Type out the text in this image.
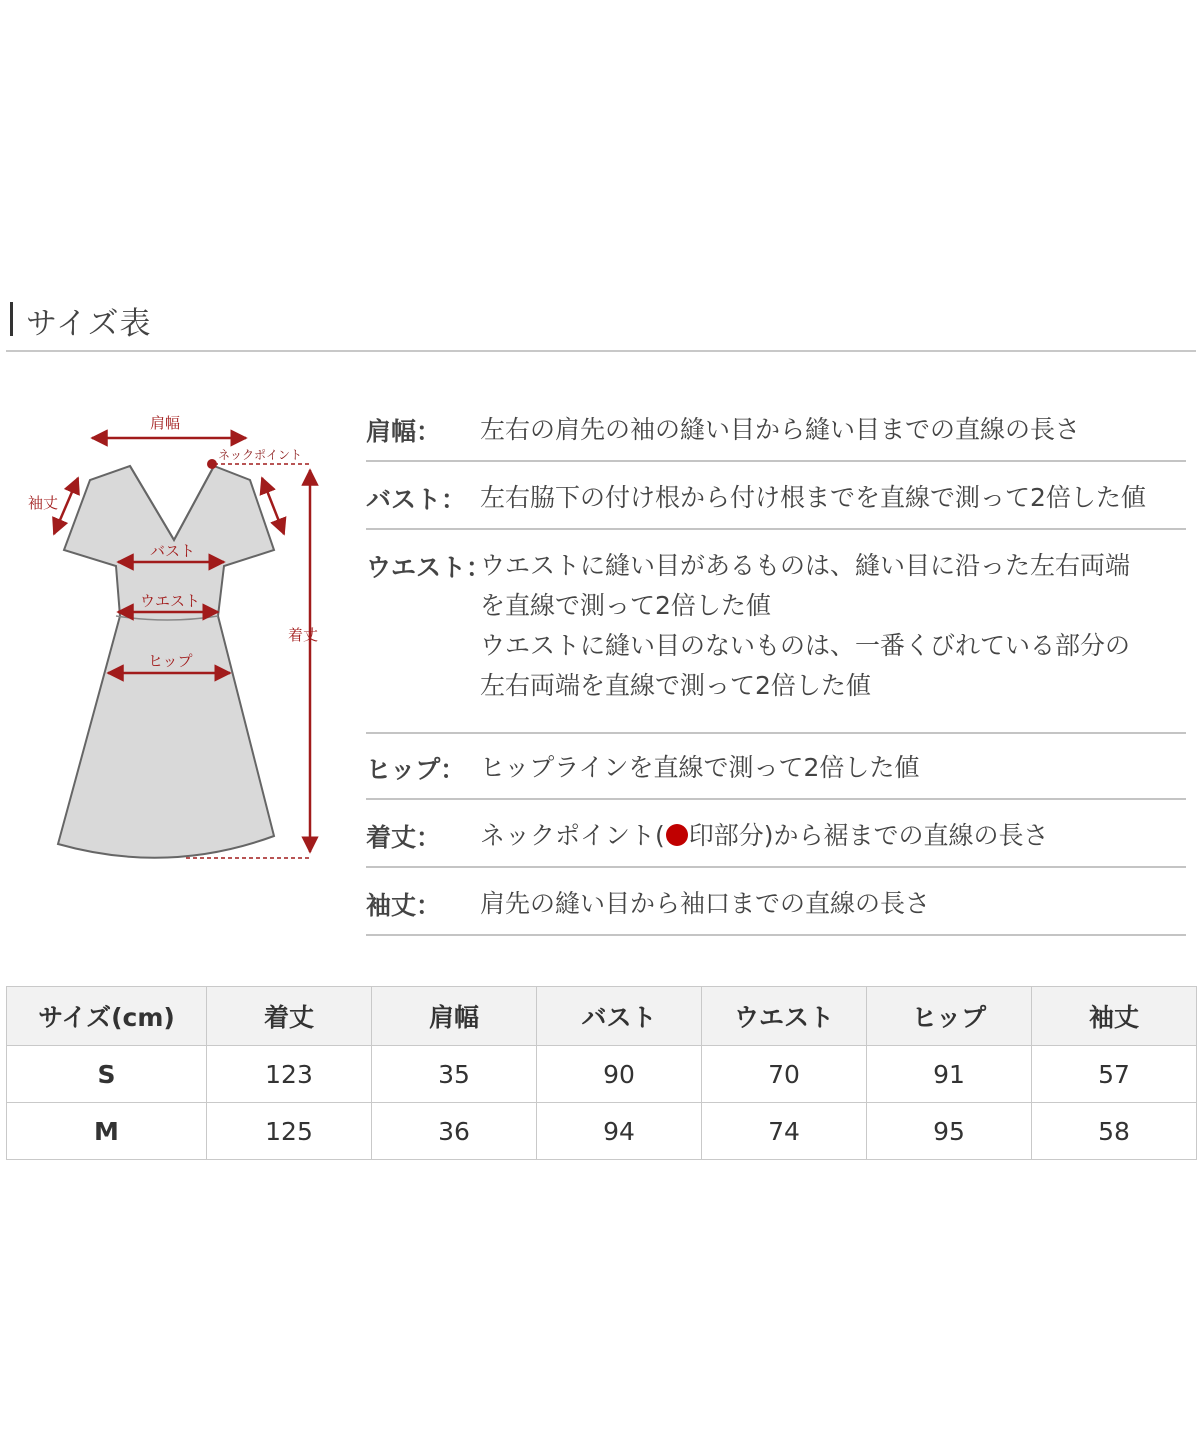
サイズ表
肩幅
ネックポイント
袖丈
バスト
ウエスト
ヒップ
着丈
肩幅： 左右の肩先の袖の縫い目から縫い目までの直線の長さ
バスト： 左右脇下の付け根から付け根までを直線で測って2倍した値
ウエスト：
ウエストに縫い目があるものは、縫い目に沿った左右両端
を直線で測って2倍した値
ウエストに縫い目のないものは、一番くびれている部分の
左右両端を直線で測って2倍した値
ヒップ： ヒップラインを直線で測って2倍した値
着丈： ネックポイント( 印部分)から裾までの直線の長さ
袖丈： 肩先の縫い目から袖口までの直線の長さ
サイズ(cm)	着丈	肩幅	バスト	ウエスト	ヒップ	袖丈
S	123	35	90	70	91	57
M	125	36	94	74	95	58
